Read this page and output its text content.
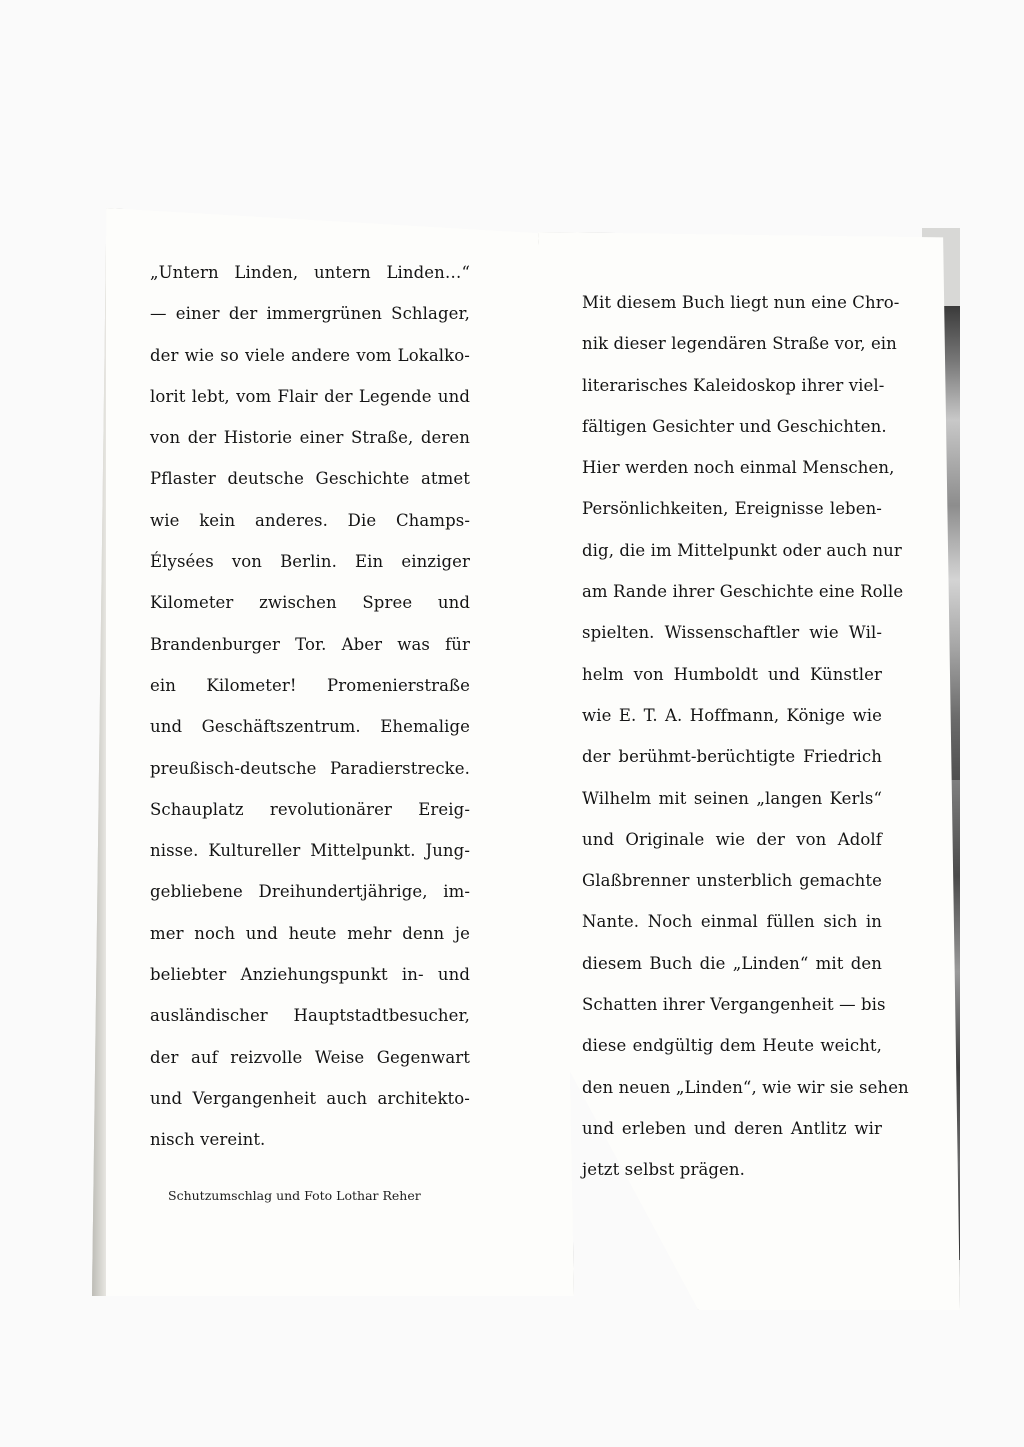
„Untern Linden, untern Linden…“
— einer der immergrünen Schlager,
der wie so viele andere vom Lokalko-
lorit lebt, vom Flair der Legende und
von der Historie einer Straße, deren
Pflaster deutsche Geschichte atmet
wie kein anderes. Die Champs-
Élysées von Berlin. Ein einziger
Kilometer zwischen Spree und
Brandenburger Tor. Aber was für
ein Kilometer! Promenierstraße
und Geschäftszentrum. Ehemalige
preußisch-deutsche Paradierstrecke.
Schauplatz revolutionärer Ereig-
nisse. Kultureller Mittelpunkt. Jung-
gebliebene Dreihundertjährige, im-
mer noch und heute mehr denn je
beliebter Anziehungspunkt in- und
ausländischer Hauptstadtbesucher,
der auf reizvolle Weise Gegenwart
und Vergangenheit auch architekto-
nisch vereint.
Mit diesem Buch liegt nun eine Chro-
nik dieser legendären Straße vor, ein
literarisches Kaleidoskop ihrer viel-
fältigen Gesichter und Geschichten.
Hier werden noch einmal Menschen,
Persönlichkeiten, Ereignisse leben-
dig, die im Mittelpunkt oder auch nur
am Rande ihrer Geschichte eine Rolle
spielten. Wissenschaftler wie Wil-
helm von Humboldt und Künstler
wie E. T. A. Hoffmann, Könige wie
der berühmt-berüchtigte Friedrich
Wilhelm mit seinen „langen Kerls“
und Originale wie der von Adolf
Glaßbrenner unsterblich gemachte
Nante. Noch einmal füllen sich in
diesem Buch die „Linden“ mit den
Schatten ihrer Vergangenheit — bis
diese endgültig dem Heute weicht,
den neuen „Linden“, wie wir sie sehen
und erleben und deren Antlitz wir
jetzt selbst prägen.
Schutzumschlag und Foto Lothar Reher
